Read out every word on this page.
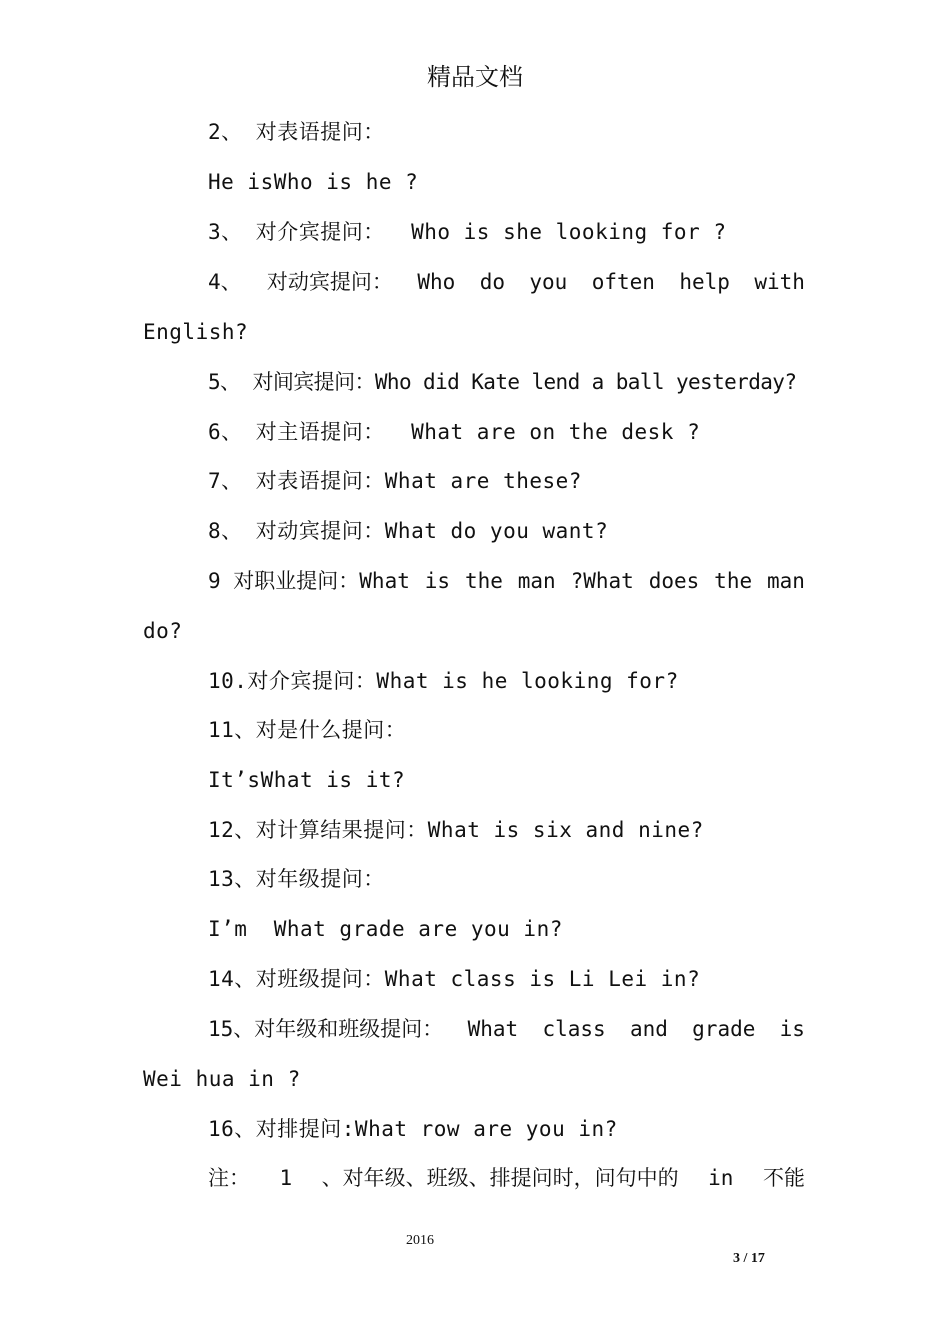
精品文档
2、 对表语提问：
He isWho is he ?
3、 对介宾提问：  Who is she looking for ?
4、  对动宾提问： Who do you often help with
English?
5、 对间宾提问：Who did Kate lend a ball yesterday?
6、 对主语提问：  What are on the desk ?
7、 对表语提问：What are these?
8、 对动宾提问：What do you want?
9 对职业提问：What is the man ?What does the man
do?
10.对介宾提问：What is he looking for?
11、对是什么提问：
It’sWhat is it?
12、对计算结果提问：What is six and nine?
13、对年级提问：
I’m  What grade are you in?
14、对班级提问：What class is Li Lei in?
15、对年级和班级提问： What class and grade is
Wei hua in ?
16、对排提问:What row are you in?
注： 1 、对年级、班级、排提问时，问句中的 in 不能
2016
3 / 17
